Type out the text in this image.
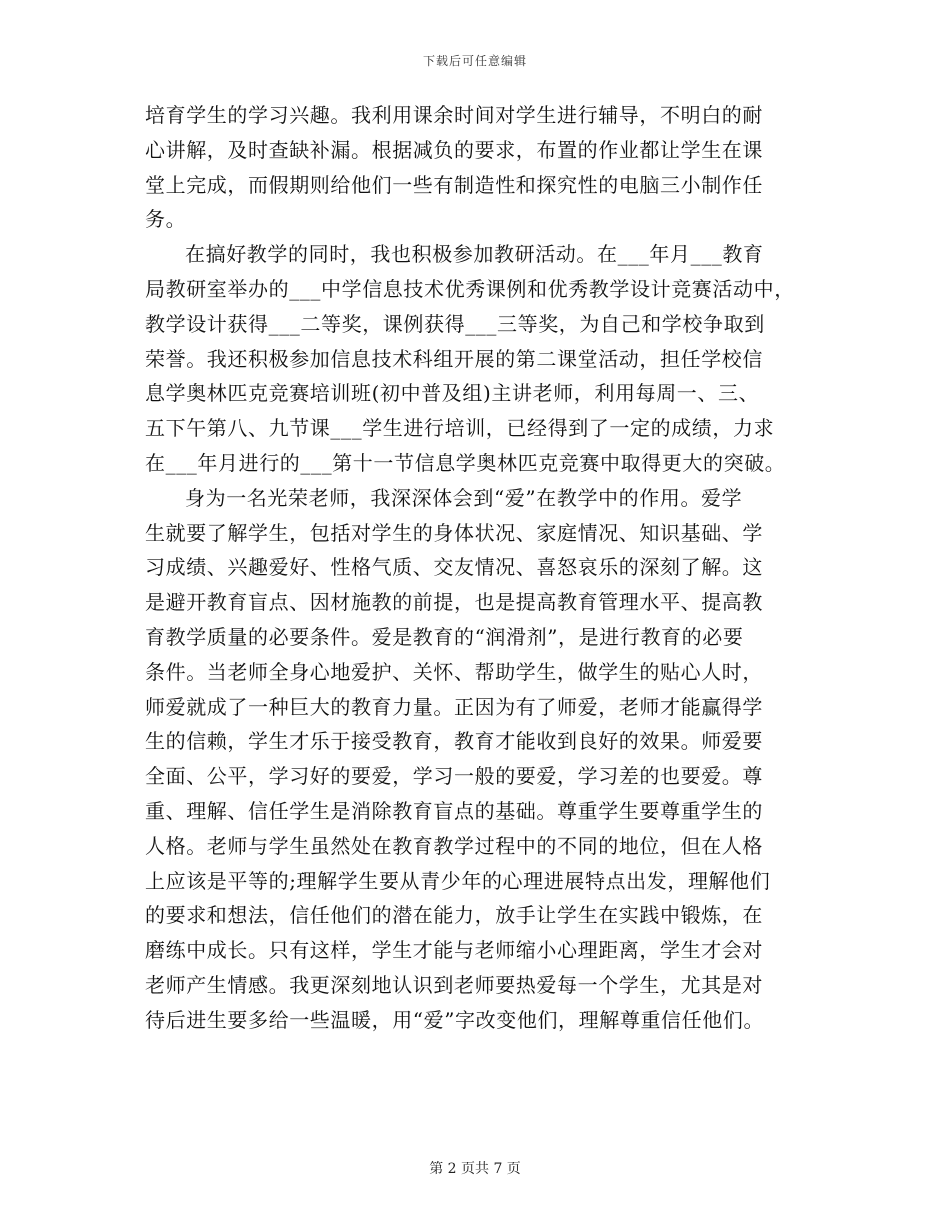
下载后可任意编辑
培育学生的学习兴趣。我利用课余时间对学生进行辅导，不明白的耐
心讲解，及时查缺补漏。根据减负的要求，布置的作业都让学生在课
堂上完成，而假期则给他们一些有制造性和探究性的电脑三小制作任
务。
在搞好教学的同时，我也积极参加教研活动。在___年月___教育
局教研室举办的___中学信息技术优秀课例和优秀教学设计竞赛活动中，
教学设计获得___二等奖，课例获得___三等奖，为自己和学校争取到
荣誉。我还积极参加信息技术科组开展的第二课堂活动，担任学校信
息学奥林匹克竞赛培训班(初中普及组)主讲老师，利用每周一、三、
五下午第八、九节课___学生进行培训，已经得到了一定的成绩，力求
在___年月进行的___第十一节信息学奥林匹克竞赛中取得更大的突破。
身为一名光荣老师，我深深体会到“爱”在教学中的作用。爱学
生就要了解学生，包括对学生的身体状况、家庭情况、知识基础、学
习成绩、兴趣爱好、性格气质、交友情况、喜怒哀乐的深刻了解。这
是避开教育盲点、因材施教的前提，也是提高教育管理水平、提高教
育教学质量的必要条件。爱是教育的“润滑剂”，是进行教育的必要
条件。当老师全身心地爱护、关怀、帮助学生，做学生的贴心人时，
师爱就成了一种巨大的教育力量。正因为有了师爱，老师才能赢得学
生的信赖，学生才乐于接受教育，教育才能收到良好的效果。师爱要
全面、公平，学习好的要爱，学习一般的要爱，学习差的也要爱。尊
重、理解、信任学生是消除教育盲点的基础。尊重学生要尊重学生的
人格。老师与学生虽然处在教育教学过程中的不同的地位，但在人格
上应该是平等的;理解学生要从青少年的心理进展特点出发，理解他们
的要求和想法，信任他们的潜在能力，放手让学生在实践中锻炼，在
磨练中成长。只有这样，学生才能与老师缩小心理距离，学生才会对
老师产生情感。我更深刻地认识到老师要热爱每一个学生，尤其是对
待后进生要多给一些温暖，用“爱”字改变他们，理解尊重信任他们。
第 2 页共 7 页
